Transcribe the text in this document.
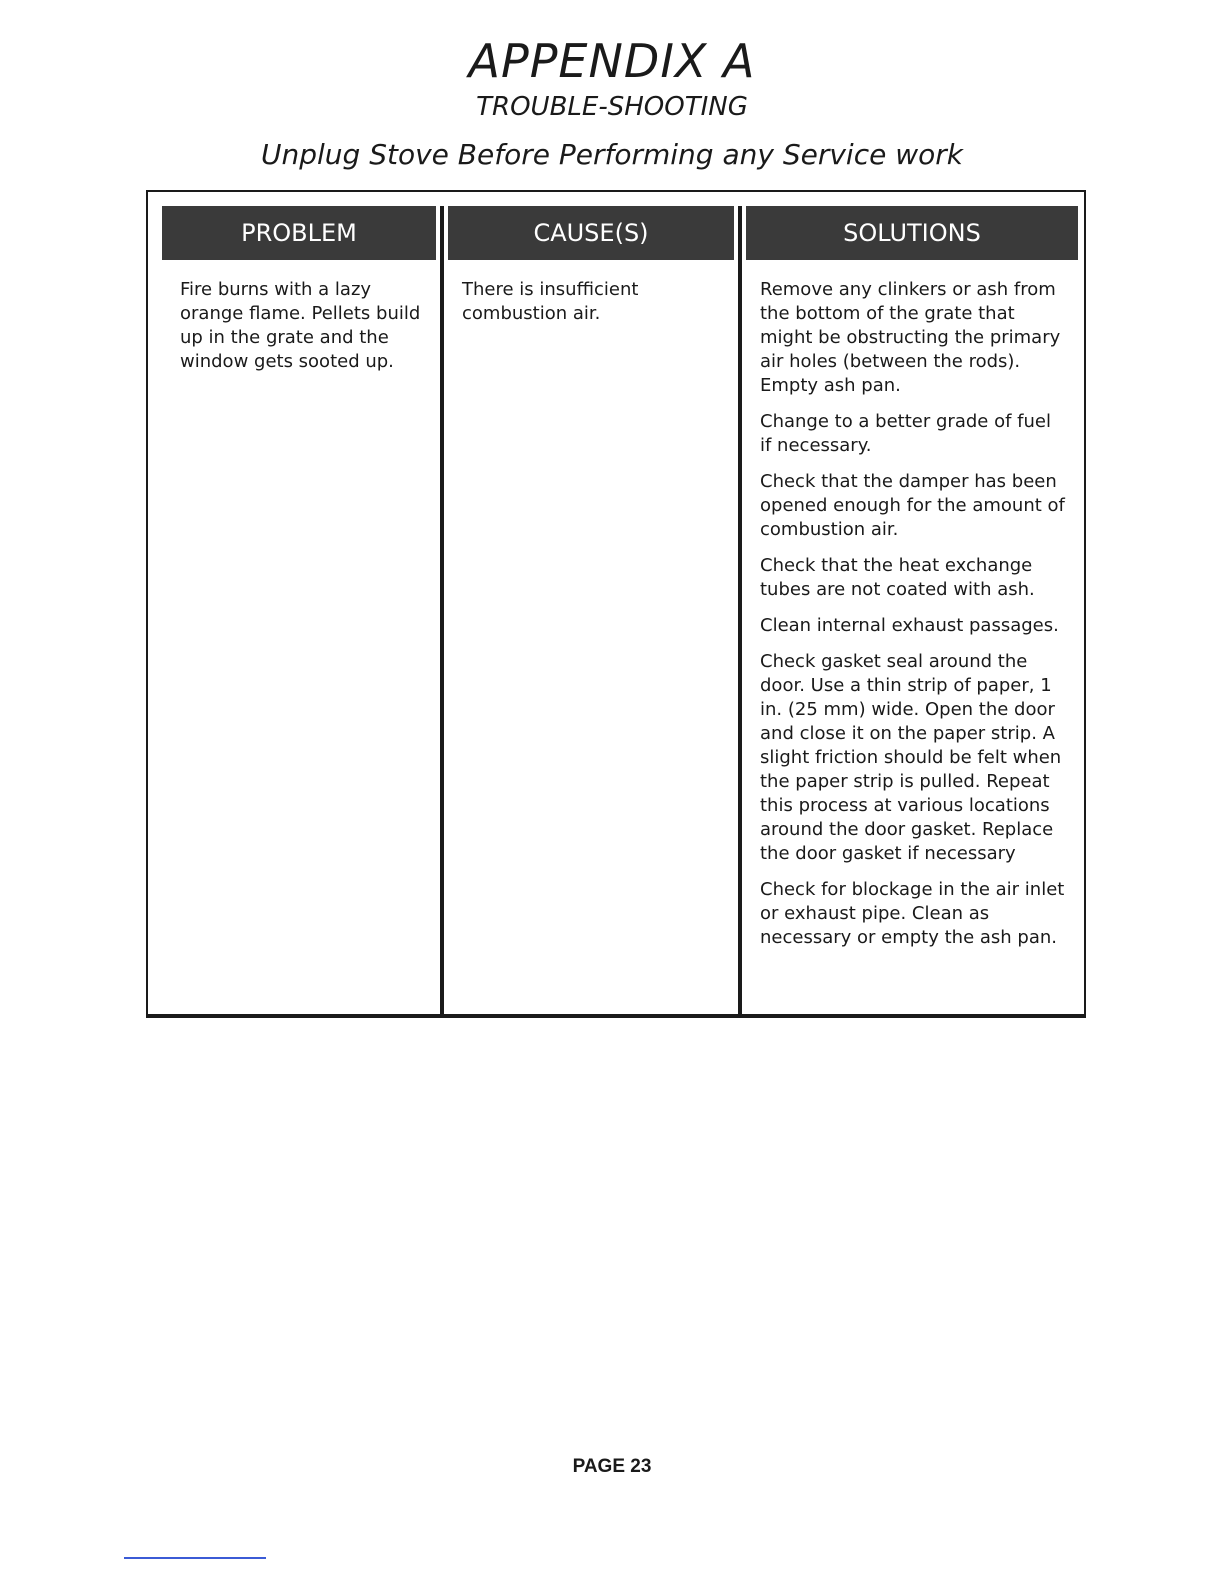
APPENDIX A
TROUBLE-SHOOTING
Unplug Stove Before Performing any Service work
PROBLEM

Fire burns with a lazy orange flame. Pellets build up in the grate and the window gets sooted up.

CAUSE(S)

There is insufficient combustion air.

SOLUTIONS

Remove any clinkers or ash from the bottom of the grate that might be obstructing the primary air holes (between the rods). Empty ash pan.

Change to a better grade of fuel if necessary.

Check that the damper has been opened enough for the amount of combustion air.

Check that the heat exchange tubes are not coated with ash.

Clean internal exhaust passages.

Check gasket seal around the door. Use a thin strip of paper, 1 in. (25 mm) wide. Open the door and close it on the paper strip. A slight friction should be felt when the paper strip is pulled. Repeat this process at various locations around the door gasket. Replace the door gasket if necessary

Check for blockage in the air inlet or exhaust pipe. Clean as necessary or empty the ash pan.

PAGE 23
